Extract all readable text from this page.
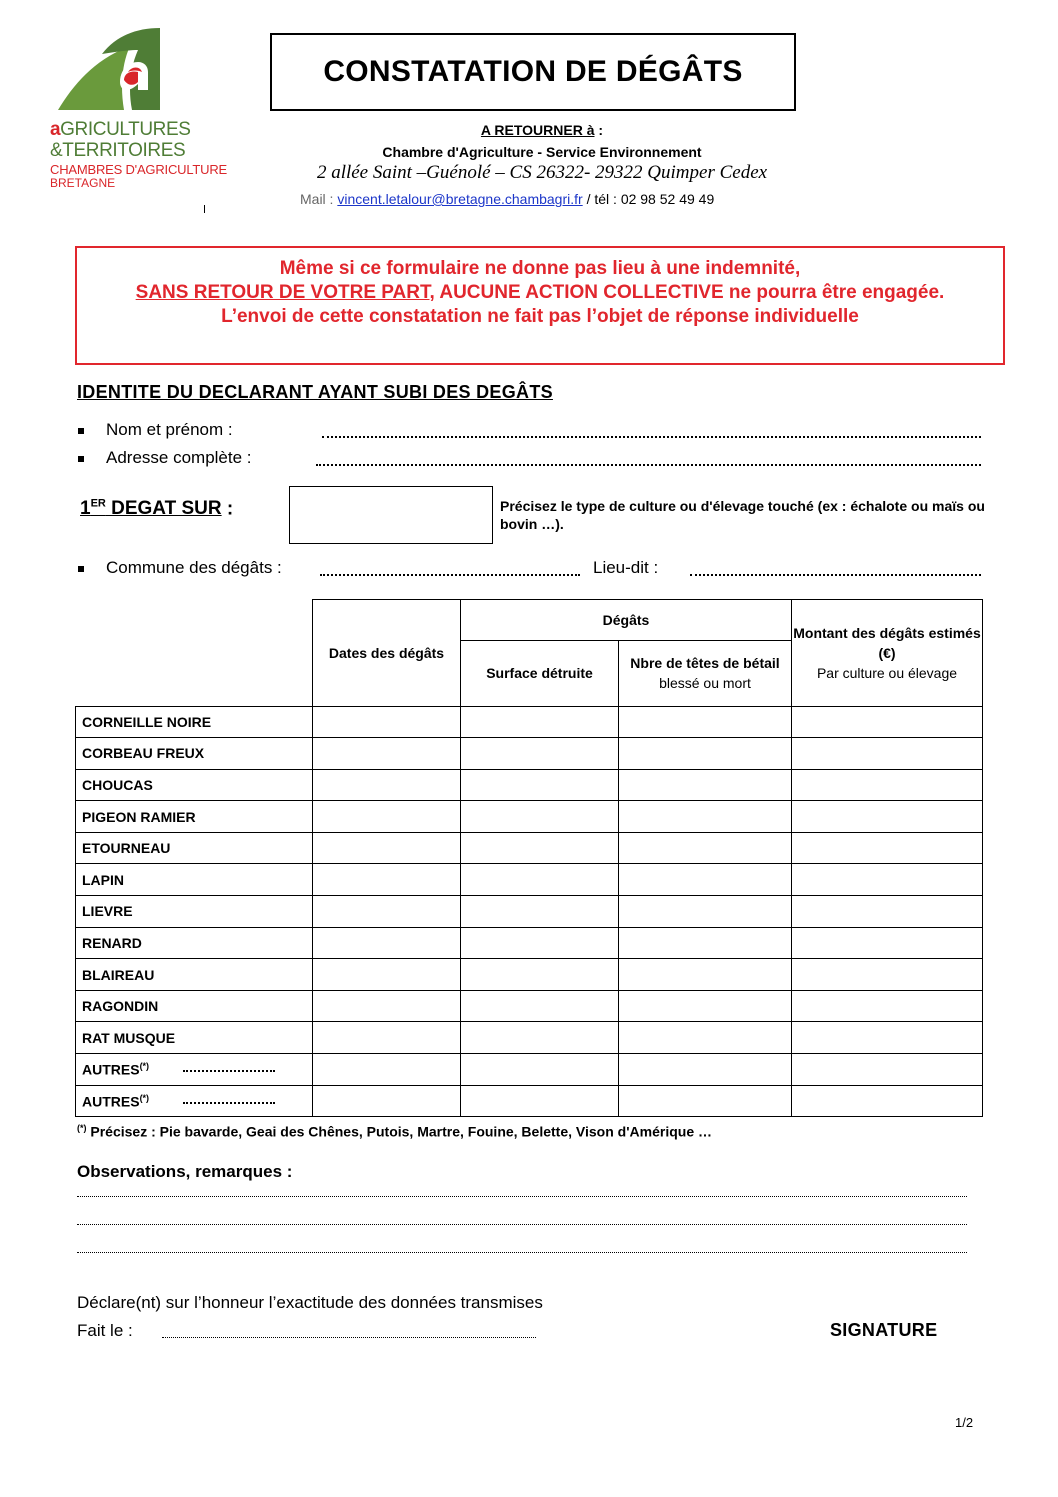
aGRICULTURES
&TERRITOIRES
CHAMBRES D'AGRICULTURE
BRETAGNE
CONSTATATION DE DÉGÂTS
A RETOURNER à :
Chambre d'Agriculture - Service Environnement
2 allée Saint –Guénolé – CS 26322- 29322 Quimper Cedex
Mail : vincent.letalour@bretagne.chambagri.fr / tél : 02 98 52 49 49
Même si ce formulaire ne donne pas lieu à une indemnité,
SANS RETOUR DE VOTRE PART, AUCUNE ACTION COLLECTIVE ne pourra être engagée.
L’envoi de cette constatation ne fait pas l’objet de réponse individuelle
IDENTITE DU DECLARANT AYANT SUBI DES DEGÂTS
Nom et prénom :
Adresse complète :
1ER DEGAT SUR :	Précisez le type de culture ou d'élevage touché (ex : échalote ou maïs ou bovin …).
Commune des dégâts :	Lieu-dit :
	Dates des dégâts	Dégâts		Montant des dégâts estimés (€)
Par culture ou élevage

		Surface détruite	Nbre de têtes de bétail
blessé ou mort	

CORNEILLE NOIRE				
CORBEAU FREUX				
CHOUCAS				
PIGEON RAMIER				
ETOURNEAU				
LAPIN				
LIEVRE				
RENARD				
BLAIREAU				
RAGONDIN				
RAT MUSQUE				
AUTRES(*)				
AUTRES(*)				
(*) Précisez : Pie bavarde, Geai des Chênes, Putois, Martre, Fouine, Belette, Vison d'Amérique …
Observations, remarques :
Déclare(nt) sur l’honneur l’exactitude des données transmises
Fait le :	SIGNATURE
1/2
